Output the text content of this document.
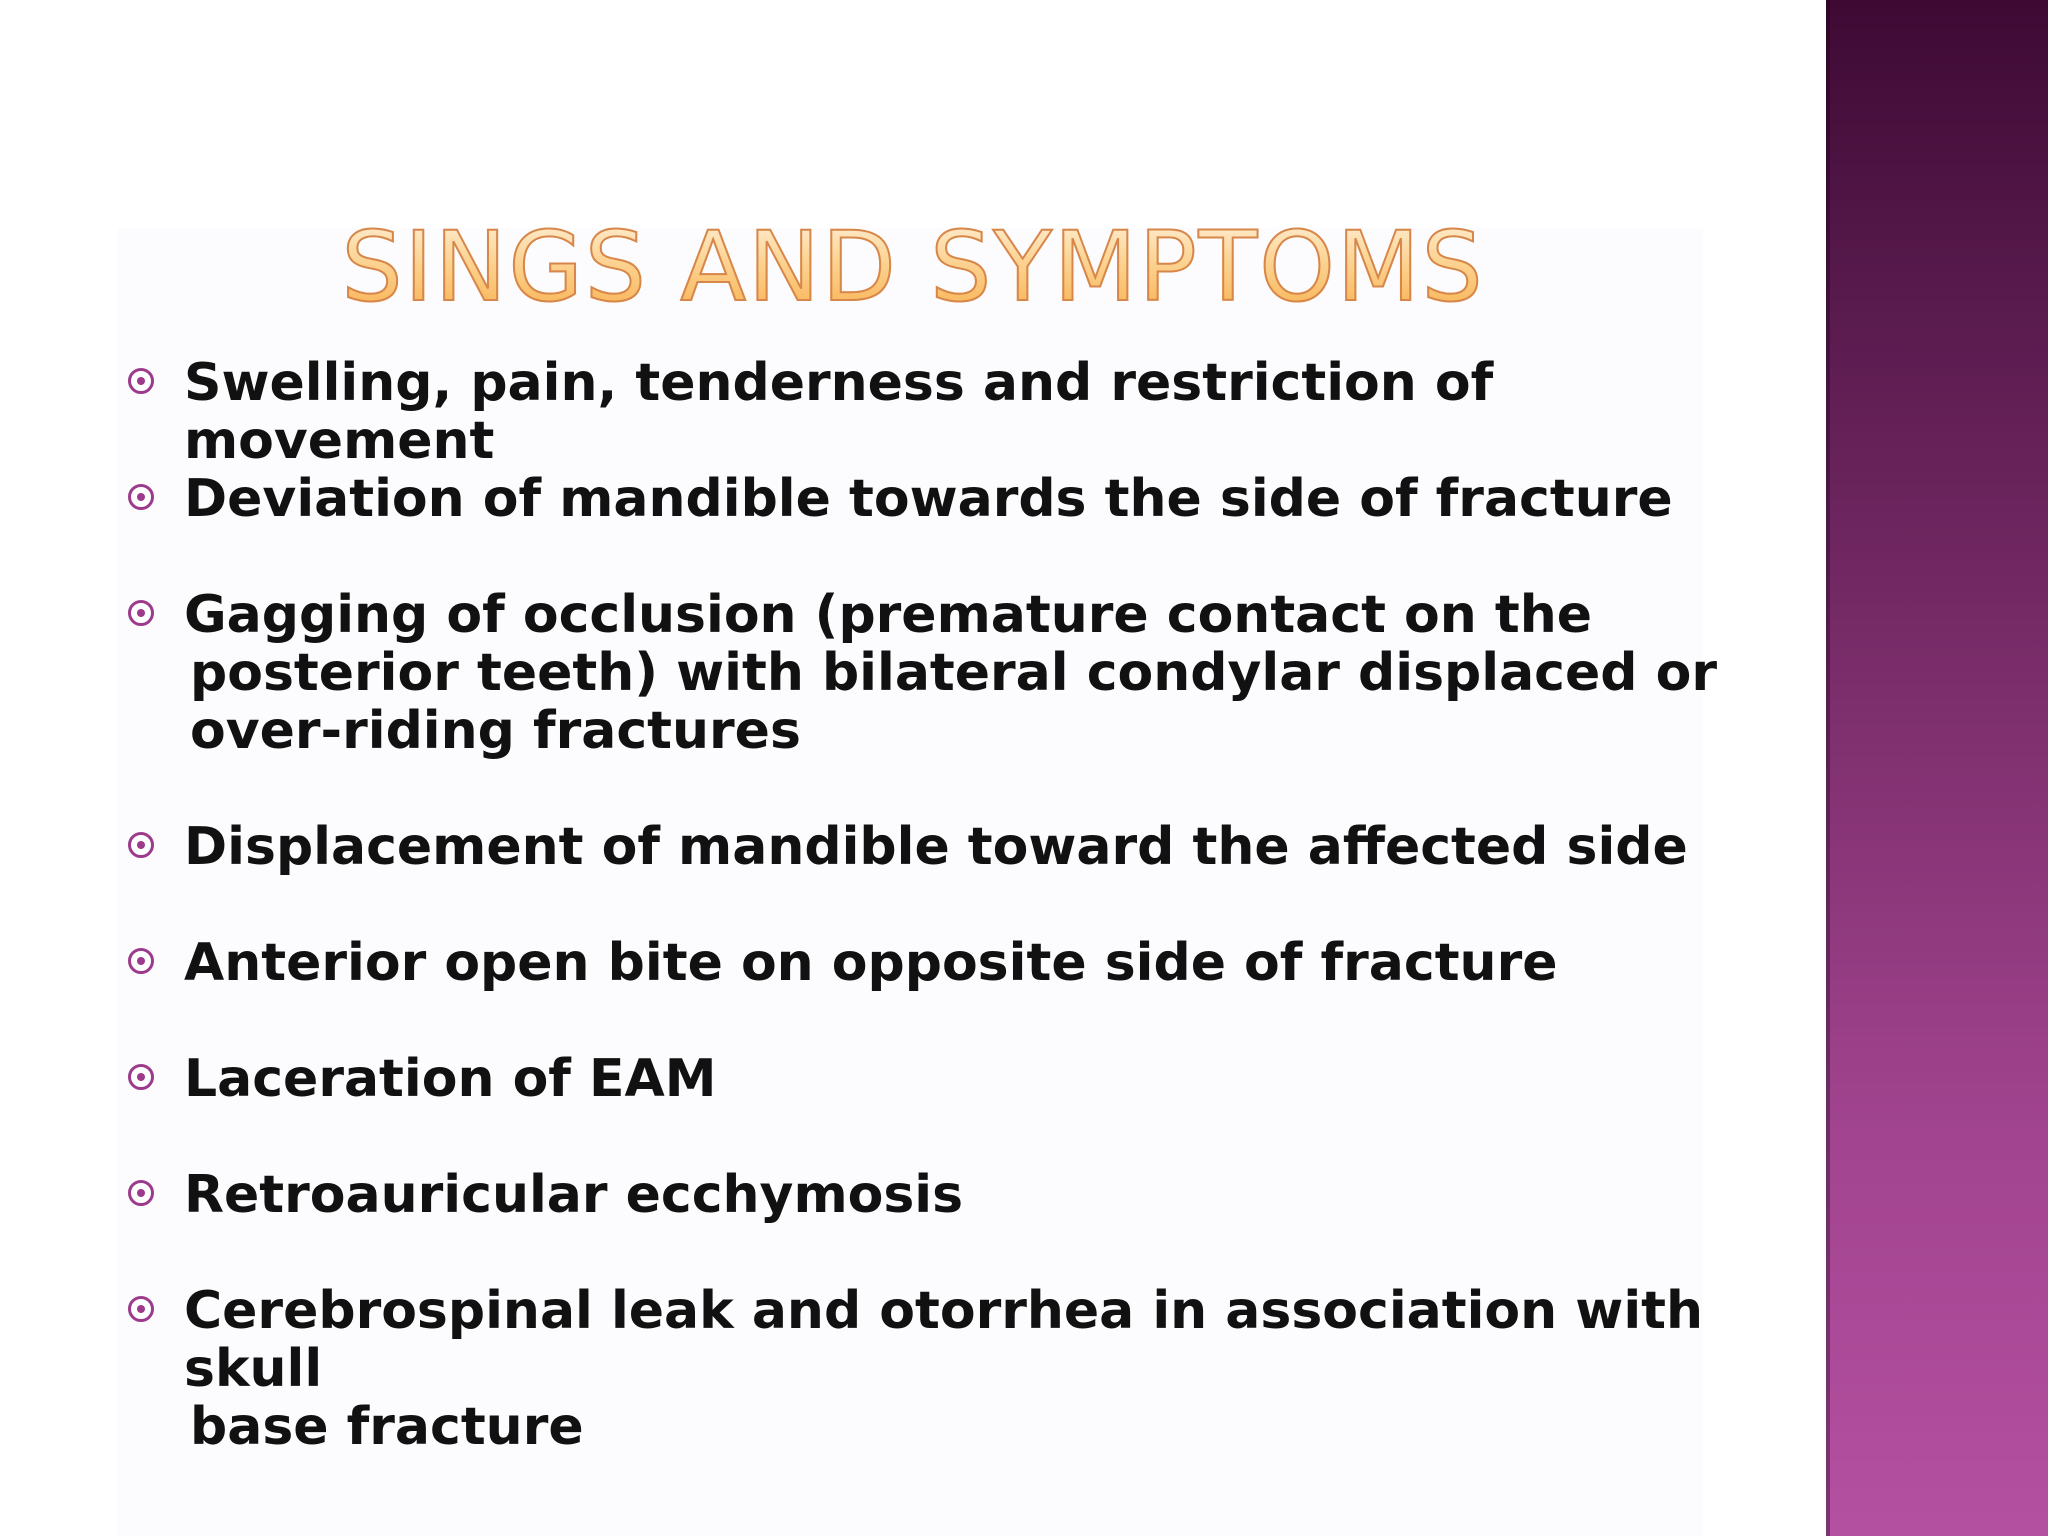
SINGS AND SYMPTOMS
Swelling, pain, tenderness and restriction of movement
Deviation of mandible towards the side of fracture
Gagging of occlusion (premature contact on the
posterior teeth) with bilateral condylar displaced or
over-riding fractures
Displacement of mandible toward the affected side
Anterior open bite on opposite side of fracture
Laceration of EAM
Retroauricular ecchymosis
Cerebrospinal leak and otorrhea in association with skull
base fracture
